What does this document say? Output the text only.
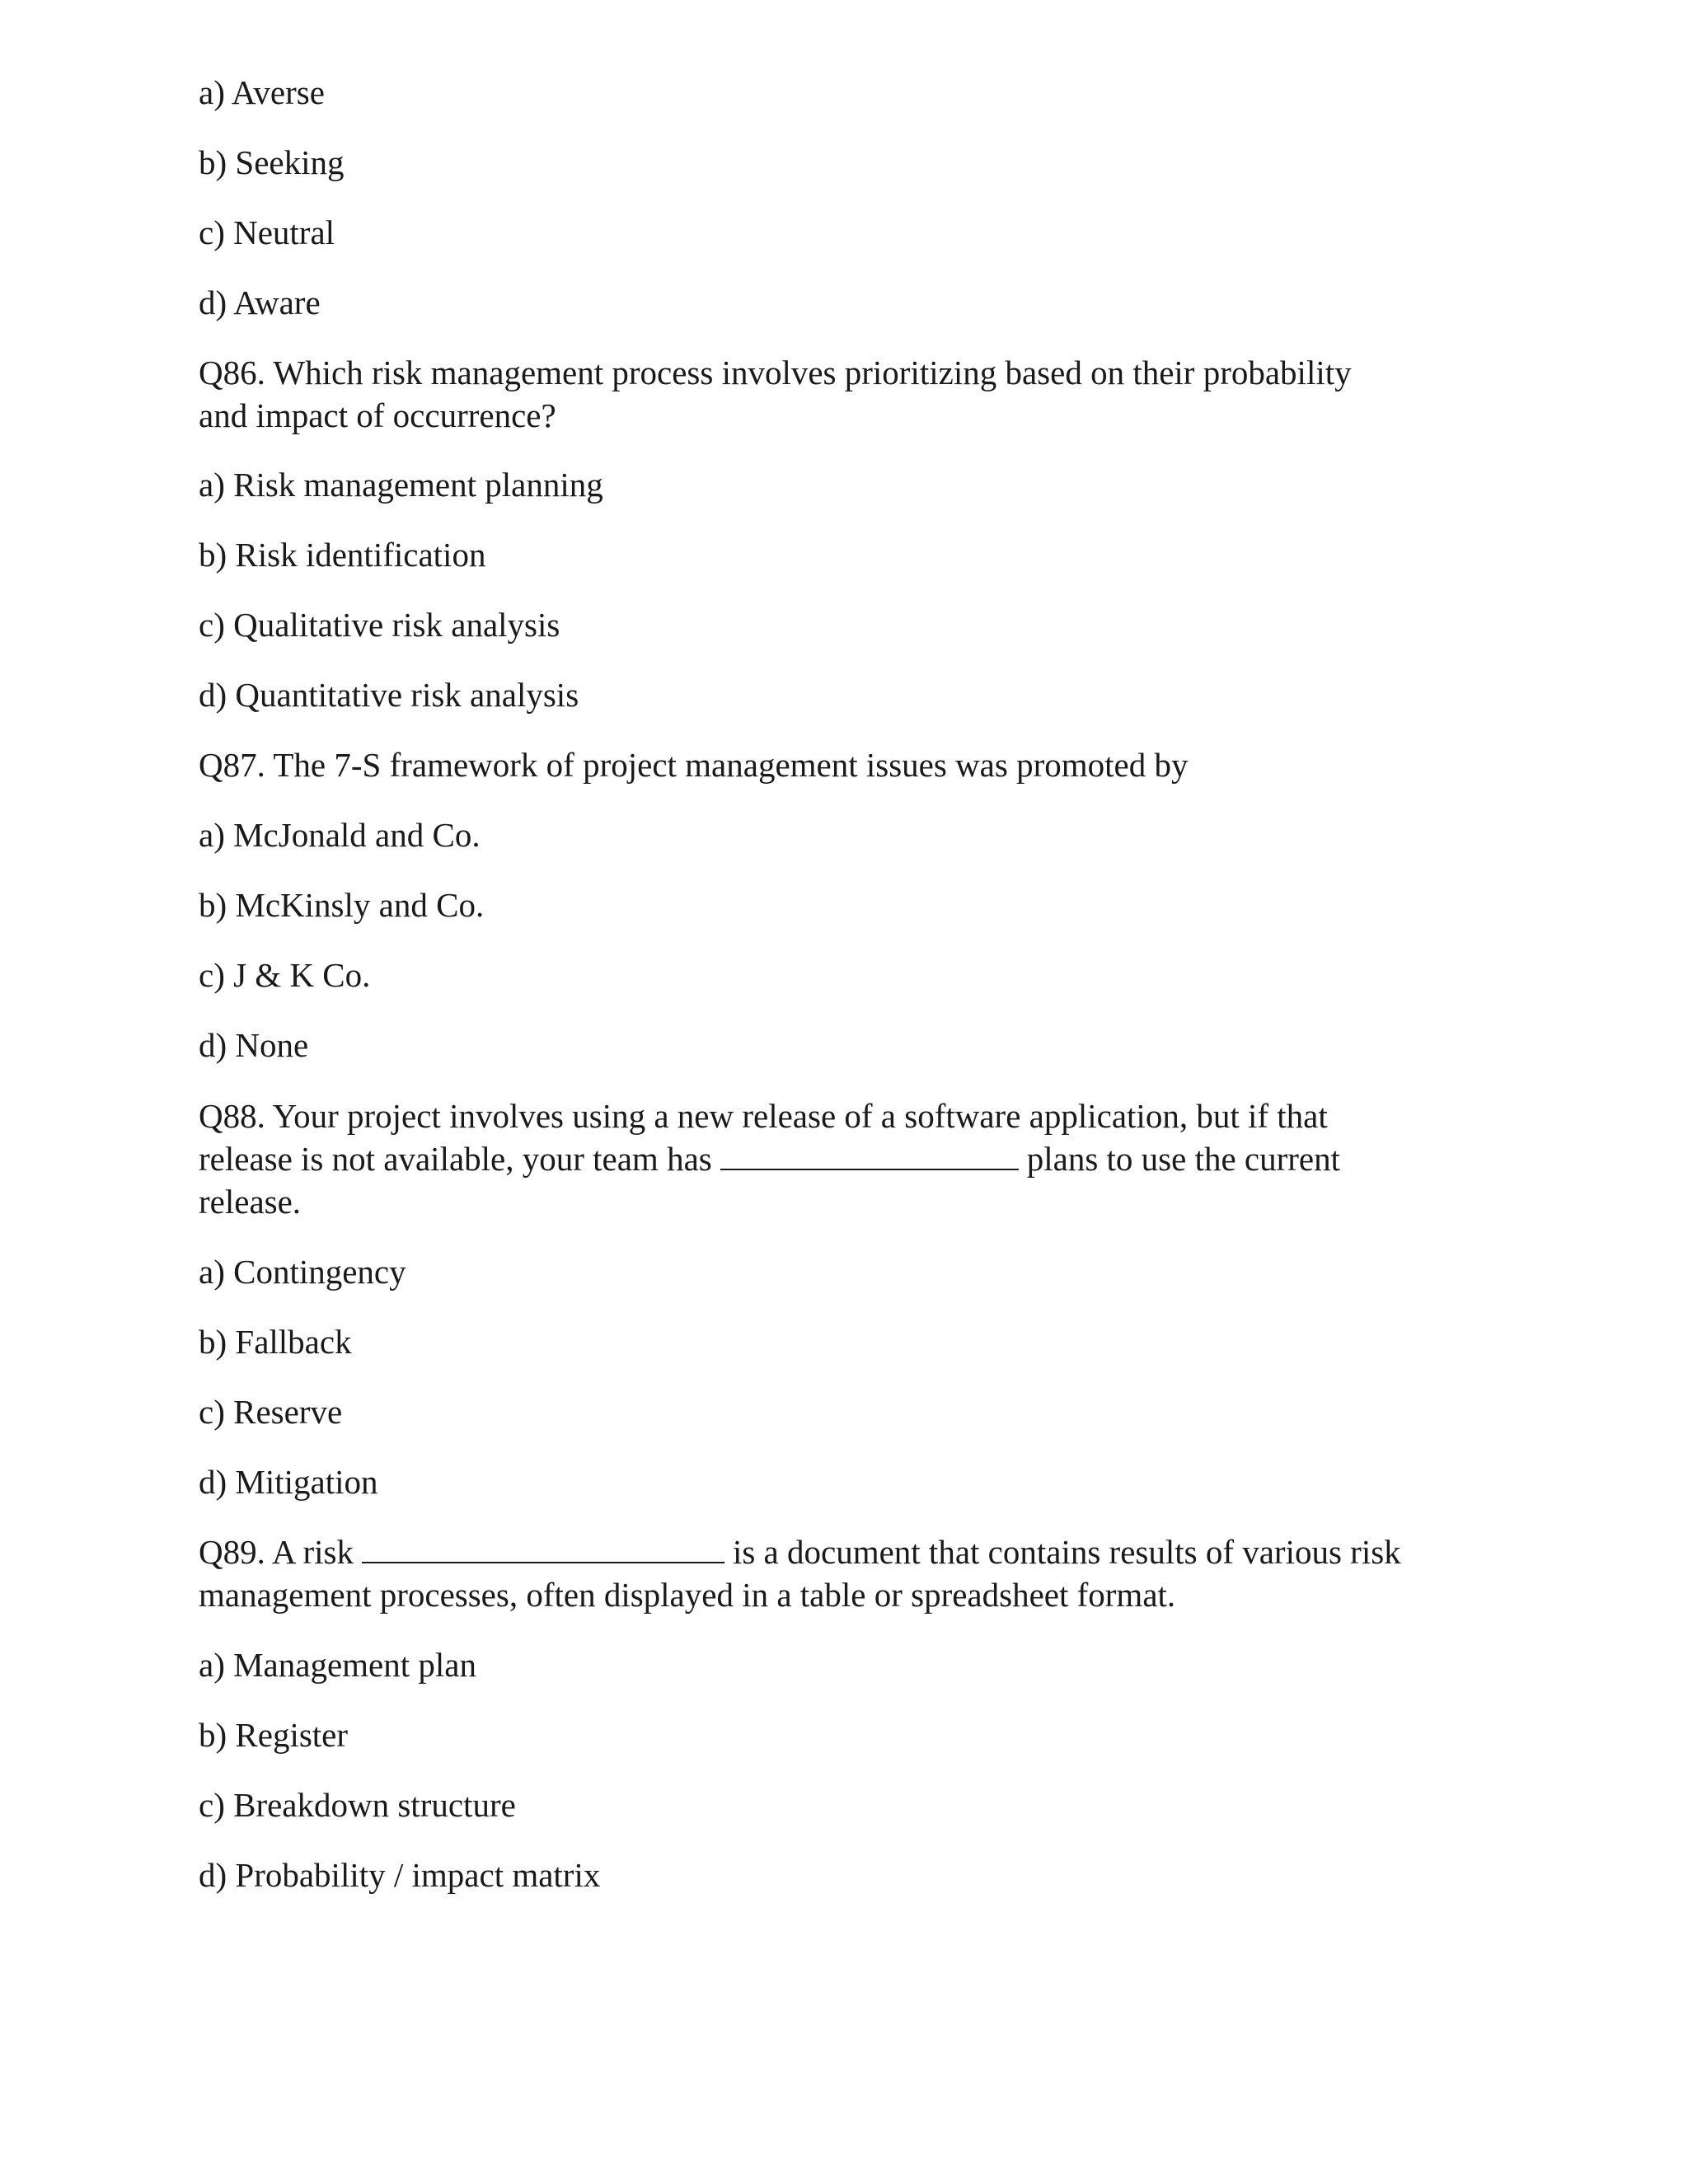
a) Averse
b) Seeking
c) Neutral
d) Aware
Q86. Which risk management process involves prioritizing based on their probability
and impact of occurrence?
a) Risk management planning
b) Risk identification
c) Qualitative risk analysis
d) Quantitative risk analysis
Q87. The 7-S framework of project management issues was promoted by
a) McJonald and Co.
b) McKinsly and Co.
c) J & K Co.
d) None
Q88. Your project involves using a new release of a software application, but if that
release is not available, your team has	plans to use the current
release.
a) Contingency
b) Fallback
c) Reserve
d) Mitigation
Q89. A risk	is a document that contains results of various risk
management processes, often displayed in a table or spreadsheet format.
a) Management plan
b) Register
c) Breakdown structure
d) Probability / impact matrix
